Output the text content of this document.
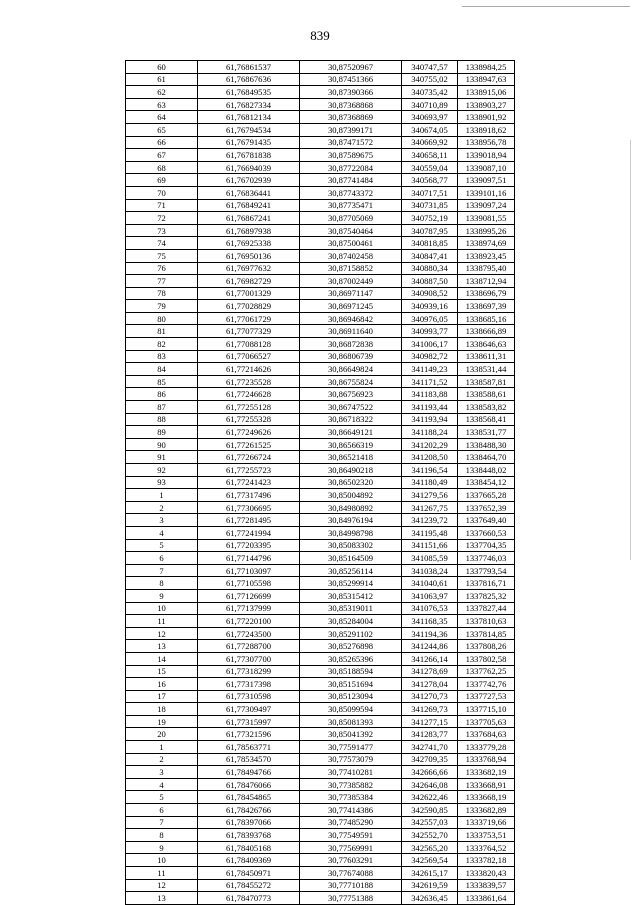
839
60	61,76861537	30,87520967	340747,57	1338984,25
61	61,76867636	30,87451366	340755,02	1338947,63
62	61,76849535	30,87390366	340735,42	1338915,06
63	61,76827334	30,87368868	340710,89	1338903,27
64	61,76812134	30,87368869	340693,97	1338901,92
65	61,76794534	30,87399171	340674,05	1338918,62
66	61,76791435	30,87471572	340669,92	1338956,78
67	61,76781838	30,87589675	340658,11	1339018,94
68	61,76694039	30,87722084	340559,04	1339087,10
69	61,76702939	30,87741484	340568,77	1339097,51
70	61,76836441	30,87743372	340717,51	1339101,16
71	61,76849241	30,87735471	340731,85	1339097,24
72	61,76867241	30,87705069	340752,19	1339081,55
73	61,76897938	30,87540464	340787,95	1338995,26
74	61,76925338	30,87500461	340818,85	1338974,69
75	61,76950136	30,87402458	340847,41	1338923,45
76	61,76977632	30,87158852	340880,34	1338795,40
77	61,76982729	30,87002449	340887,50	1338712,94
78	61,77001329	30,86971147	340908,52	1338696,79
79	61,77028829	30,86971245	340939,16	1338697,39
80	61,77061729	30,86946842	340976,05	1338685,16
81	61,77077329	30,86911640	340993,77	1338666,89
82	61,77088128	30,86872838	341006,17	1338646,63
83	61,77066527	30,86806739	340982,72	1338611,31
84	61,77214626	30,86649824	341149,23	1338531,44
85	61,77235528	30,86755824	341171,52	1338587,81
86	61,77246628	30,86756923	341183,88	1338588,61
87	61,77255128	30,86747522	341193,44	1338583,82
88	61,77255328	30,86718322	341193,94	1338568,41
89	61,77249626	30,86649121	341188,24	1338531,77
90	61,77261525	30,86566319	341202,29	1338488,30
91	61,77266724	30,86521418	341208,50	1338464,70
92	61,77255723	30,86490218	341196,54	1338448,02
93	61,77241423	30,86502320	341180,49	1338454,12
1	61,77317496	30,85004892	341279,56	1337665,28
2	61,77306695	30,84980892	341267,75	1337652,39
3	61,77281495	30,84976194	341239,72	1337649,40
4	61,77241994	30,84998798	341195,48	1337660,53
5	61,77203395	30,85083302	341151,66	1337704,35
6	61,77144796	30,85164509	341085,59	1337746,03
7	61,77103097	30,85256114	341038,24	1337793,54
8	61,77105598	30,85299914	341040,61	1337816,71
9	61,77126699	30,85315412	341063,97	1337825,32
10	61,77137999	30,85319011	341076,53	1337827,44
11	61,77220100	30,85284004	341168,35	1337810,63
12	61,77243500	30,85291102	341194,36	1337814,85
13	61,77288700	30,85276898	341244,86	1337808,26
14	61,77307700	30,85265396	341266,14	1337802,58
15	61,77318299	30,85188594	341278,69	1337762,25
16	61,77317398	30,85151694	341278,04	1337742,76
17	61,77310598	30,85123094	341270,73	1337727,53
18	61,77309497	30,85099594	341269,73	1337715,10
19	61,77315997	30,85081393	341277,15	1337705,63
20	61,77321596	30,85041392	341283,77	1337684,63
1	61,78563771	30,77591477	342741,70	1333779,28
2	61,78534570	30,77573079	342709,35	1333768,94
3	61,78494766	30,77410281	342666,66	1333682,19
4	61,78476066	30,77385882	342646,08	1333668,91
5	61,78454865	30,77385384	342622,46	1333668,19
6	61,78426766	30,77414386	342590,85	1333682,89
7	61,78397066	30,77485290	342557,03	1333719,66
8	61,78393768	30,77549591	342552,70	1333753,51
9	61,78405168	30,77569991	342565,20	1333764,52
10	61,78409369	30,77603291	342569,54	1333782,18
11	61,78450971	30,77674088	342615,17	1333820,43
12	61,78455272	30,77710188	342619,59	1333839,57
13	61,78470773	30,77751388	342636,45	1333861,64
